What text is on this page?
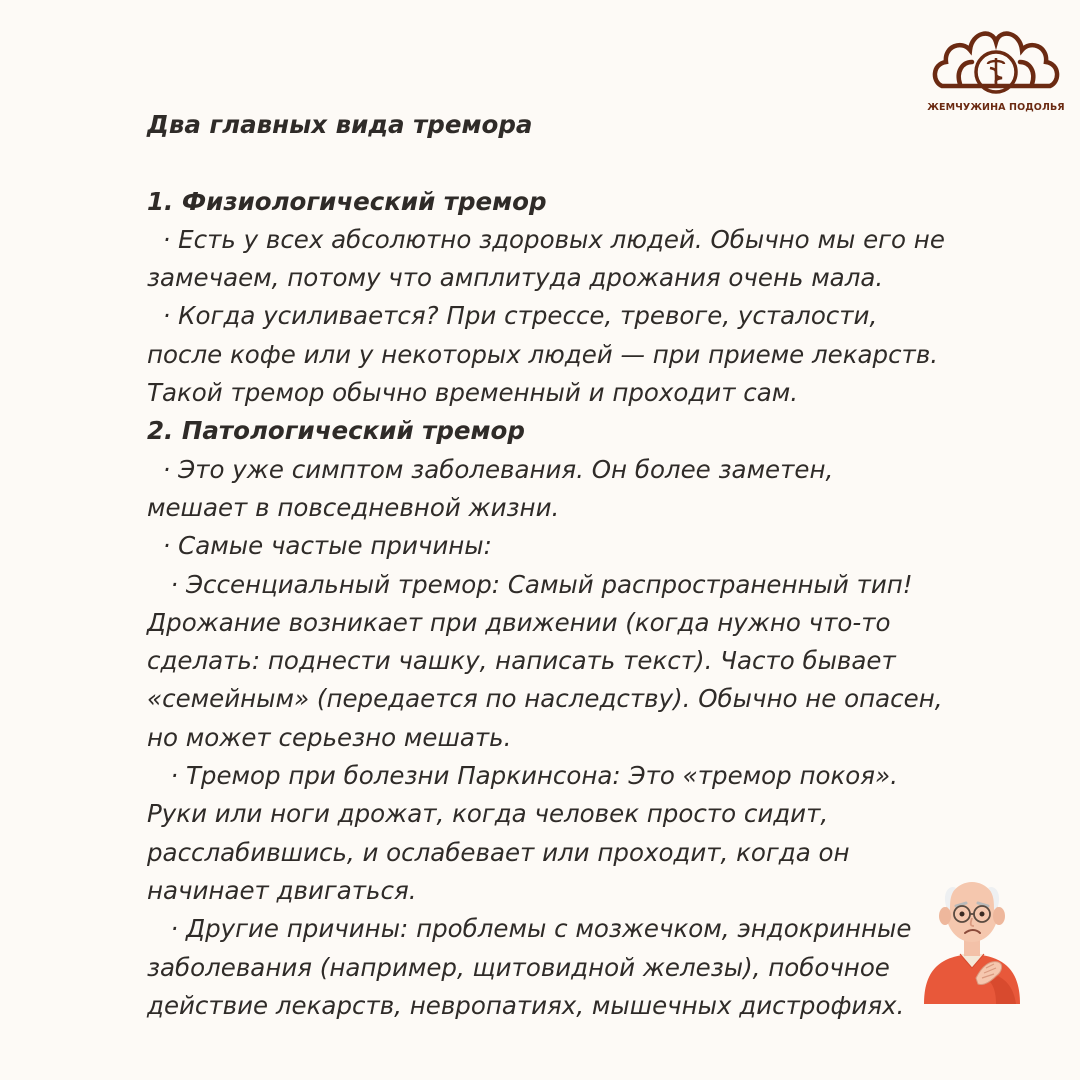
ЖЕМЧУЖИНА ПОДОЛЬЯ
Два главных вида тремора
1. Физиологический тремор
· Есть у всех абсолютно здоровых людей. Обычно мы его не
замечаем, потому что амплитуда дрожания очень мала.
· Когда усиливается? При стрессе, тревоге, усталости,
после кофе или у некоторых людей — при приеме лекарств.
Такой тремор обычно временный и проходит сам.
2. Патологический тремор
· Это уже симптом заболевания. Он более заметен,
мешает в повседневной жизни.
· Самые частые причины:
· Эссенциальный тремор: Самый распространенный тип!
Дрожание возникает при движении (когда нужно что-то
сделать: поднести чашку, написать текст). Часто бывает
«семейным» (передается по наследству). Обычно не опасен,
но может серьезно мешать.
· Тремор при болезни Паркинсона: Это «тремор покоя».
Руки или ноги дрожат, когда человек просто сидит,
расслабившись, и ослабевает или проходит, когда он
начинает двигаться.
· Другие причины: проблемы с мозжечком, эндокринные
заболевания (например, щитовидной железы), побочное
действие лекарств, невропатиях, мышечных дистрофиях.
